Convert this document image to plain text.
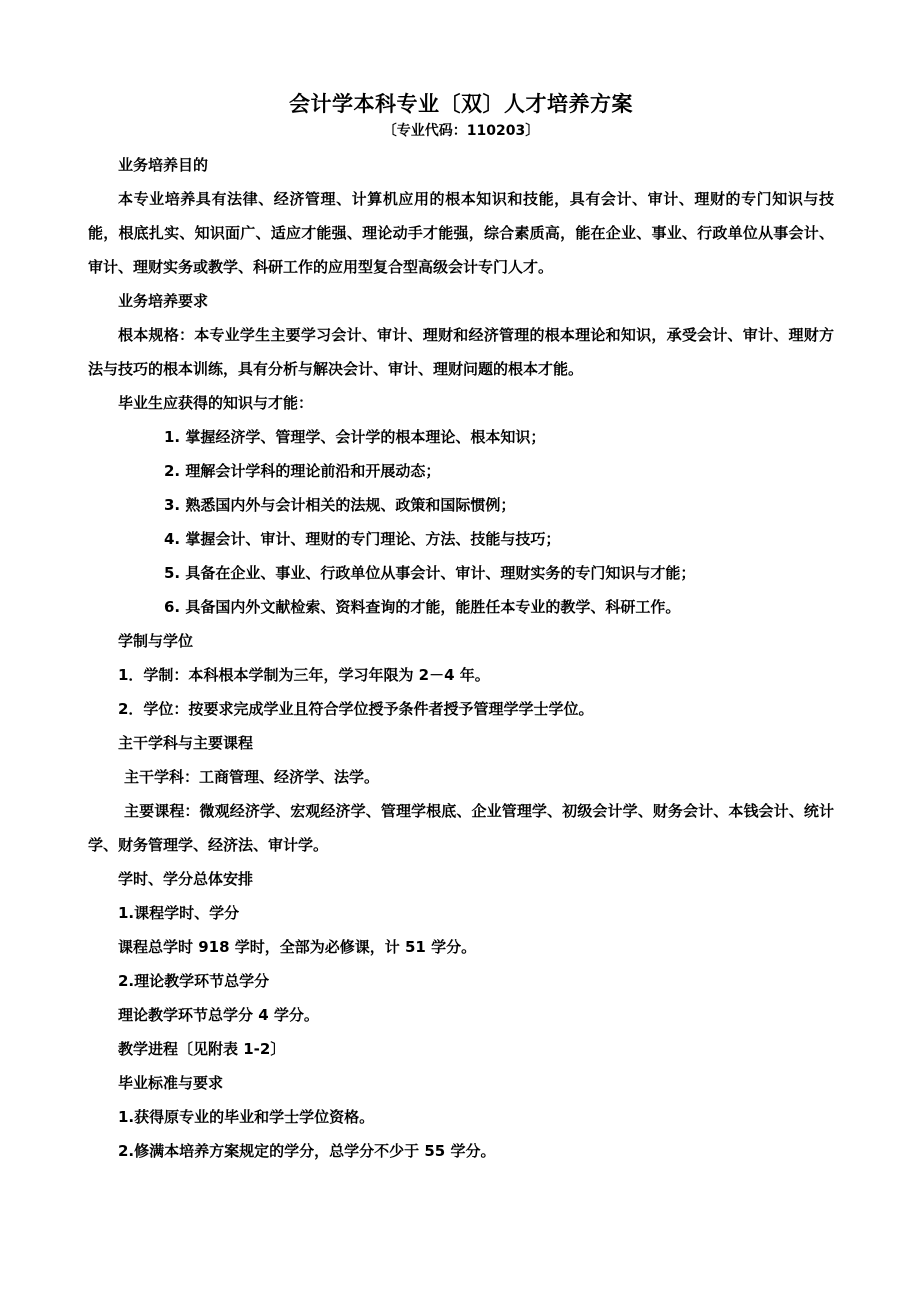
会计学本科专业〔双〕人才培养方案

〔专业代码：110203〕

业务培养目的

本专业培养具有法律、经济管理、计算机应用的根本知识和技能，具有会计、审计、理财的专门知识与技能，根底扎实、知识面广、适应才能强、理论动手才能强，综合素质高，能在企业、事业、行政单位从事会计、审计、理财实务或教学、科研工作的应用型复合型高级会计专门人才。

业务培养要求

根本规格：本专业学生主要学习会计、审计、理财和经济管理的根本理论和知识，承受会计、审计、理财方法与技巧的根本训练，具有分析与解决会计、审计、理财问题的根本才能。

毕业生应获得的知识与才能：

1. 掌握经济学、管理学、会计学的根本理论、根本知识；

2. 理解会计学科的理论前沿和开展动态；

3. 熟悉国内外与会计相关的法规、政策和国际惯例；

4. 掌握会计、审计、理财的专门理论、方法、技能与技巧；

5. 具备在企业、事业、行政单位从事会计、审计、理财实务的专门知识与才能；

6. 具备国内外文献检索、资料查询的才能，能胜任本专业的教学、科研工作。

学制与学位

1．学制：本科根本学制为三年，学习年限为 2－4 年。

2．学位：按要求完成学业且符合学位授予条件者授予管理学学士学位。

主干学科与主要课程

主干学科：工商管理、经济学、法学。

主要课程：微观经济学、宏观经济学、管理学根底、企业管理学、初级会计学、财务会计、本钱会计、统计学、财务管理学、经济法、审计学。

学时、学分总体安排

1.课程学时、学分

课程总学时 918 学时，全部为必修课，计 51 学分。

2.理论教学环节总学分

理论教学环节总学分 4 学分。

教学进程〔见附表 1-2〕

毕业标准与要求

1.获得原专业的毕业和学士学位资格。

2.修满本培养方案规定的学分，总学分不少于 55 学分。
